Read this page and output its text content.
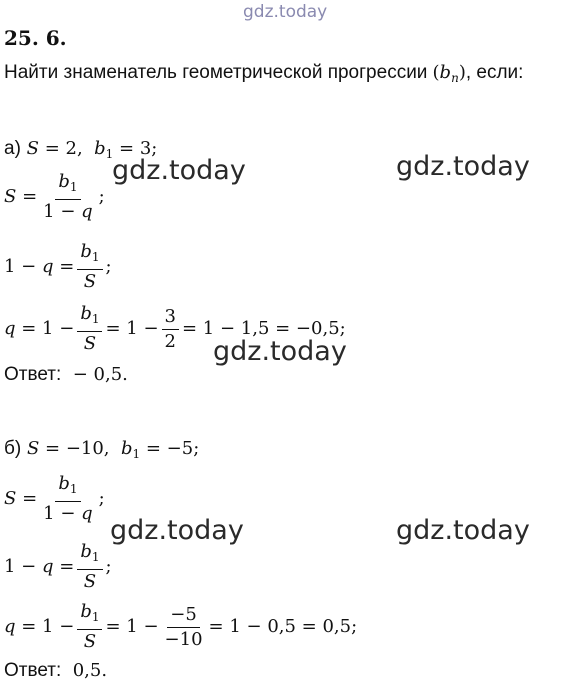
gdz.today
25. 6.
Найти знаменатель геометрической прогрессии $(b_n)$, если:
а) S = 2,  $b_1 = 3$;
$S = \frac{b_1}{1 - q}$ ;
$1 - q = \frac{b_1}{S}$ ;
$q = 1 - \frac{b_1}{S} = 1 - \frac{3}{2} = 1 - 1,5 = -0,5$;
Ответ: − 0,5.
б) S = −10,  $b_1 = -5$;
$S = \frac{b_1}{1 - q}$ ;
$1 - q = \frac{b_1}{S}$ ;
$q = 1 - \frac{b_1}{S} = 1 - \frac{-5}{-10} = 1 - 0,5 = 0,5$;
Ответ: 0,5.
gdz.today	gdz.today
gdz.today
gdz.today	gdz.today
